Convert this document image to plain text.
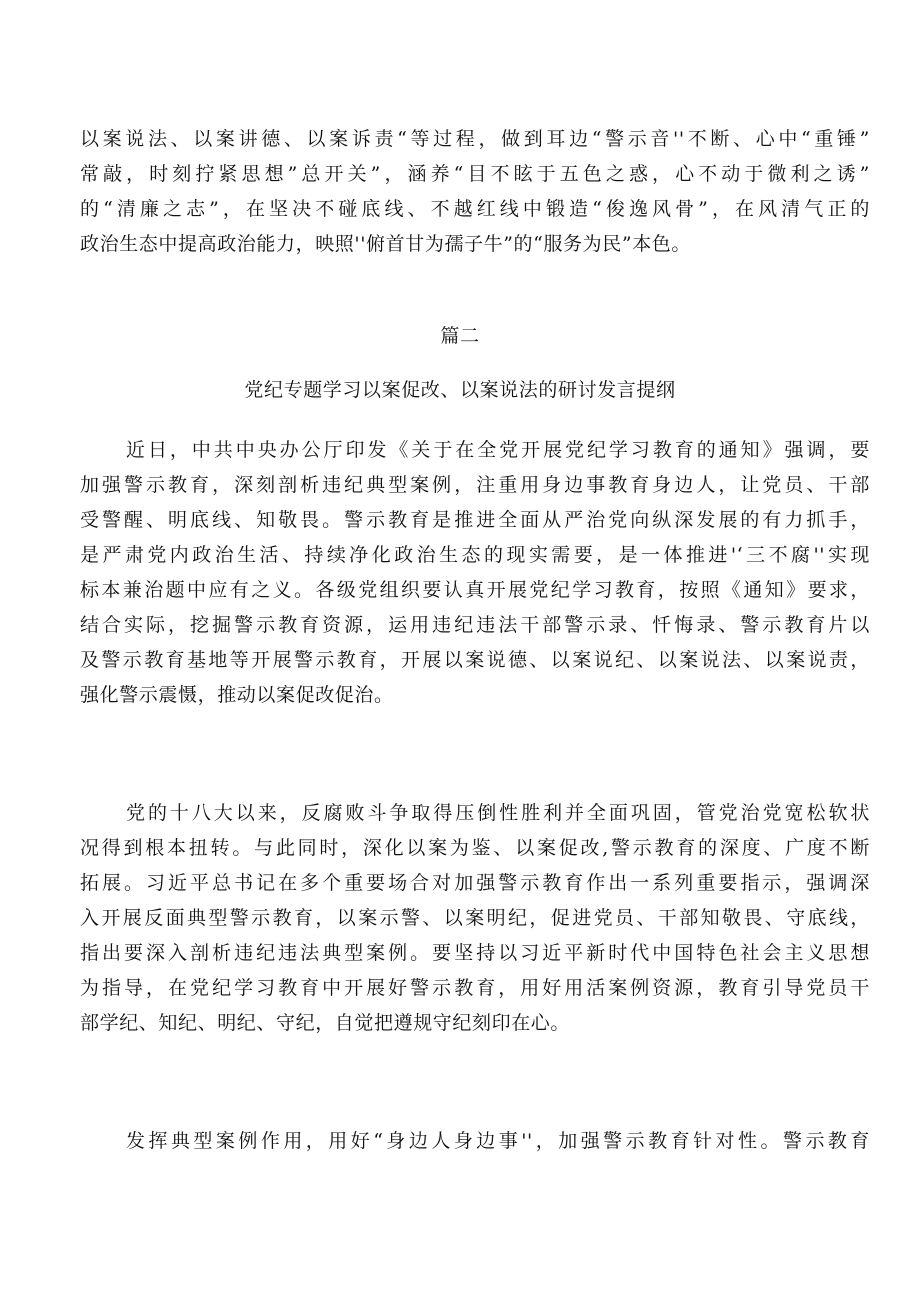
以案说法、以案讲德、以案诉责“等过程，做到耳边“警示音''不断、心中“重锤”
常敲，时刻拧紧思想”总开关”，涵养“目不眩于五色之惑，心不动于微利之诱”
的“清廉之志”，在坚决不碰底线、不越红线中锻造“俊逸风骨”，在风清气正的
政治生态中提高政治能力，映照''俯首甘为孺子牛”的“服务为民”本色。
篇二
党纪专题学习以案促改、以案说法的研讨发言提纲
近日，中共中央办公厅印发《关于在全党开展党纪学习教育的通知》强调，要
加强警示教育，深刻剖析违纪典型案例，注重用身边事教育身边人，让党员、干部
受警醒、明底线、知敬畏。警示教育是推进全面从严治党向纵深发展的有力抓手，
是严肃党内政治生活、持续净化政治生态的现实需要，是一体推进'‘三不腐''实现
标本兼治题中应有之义。各级党组织要认真开展党纪学习教育，按照《通知》要求，
结合实际，挖掘警示教育资源，运用违纪违法干部警示录、忏悔录、警示教育片以
及警示教育基地等开展警示教育，开展以案说德、以案说纪、以案说法、以案说责，
强化警示震慑，推动以案促改促治。
党的十八大以来，反腐败斗争取得压倒性胜利并全面巩固，管党治党宽松软状
况得到根本扭转。与此同时，深化以案为鉴、以案促改,警示教育的深度、广度不断
拓展。习近平总书记在多个重要场合对加强警示教育作出一系列重要指示，强调深
入开展反面典型警示教育，以案示警、以案明纪，促进党员、干部知敬畏、守底线，
指出要深入剖析违纪违法典型案例。要坚持以习近平新时代中国特色社会主义思想
为指导，在党纪学习教育中开展好警示教育，用好用活案例资源，教育引导党员干
部学纪、知纪、明纪、守纪，自觉把遵规守纪刻印在心。
发挥典型案例作用，用好“身边人身边事''，加强警示教育针对性。警示教育
